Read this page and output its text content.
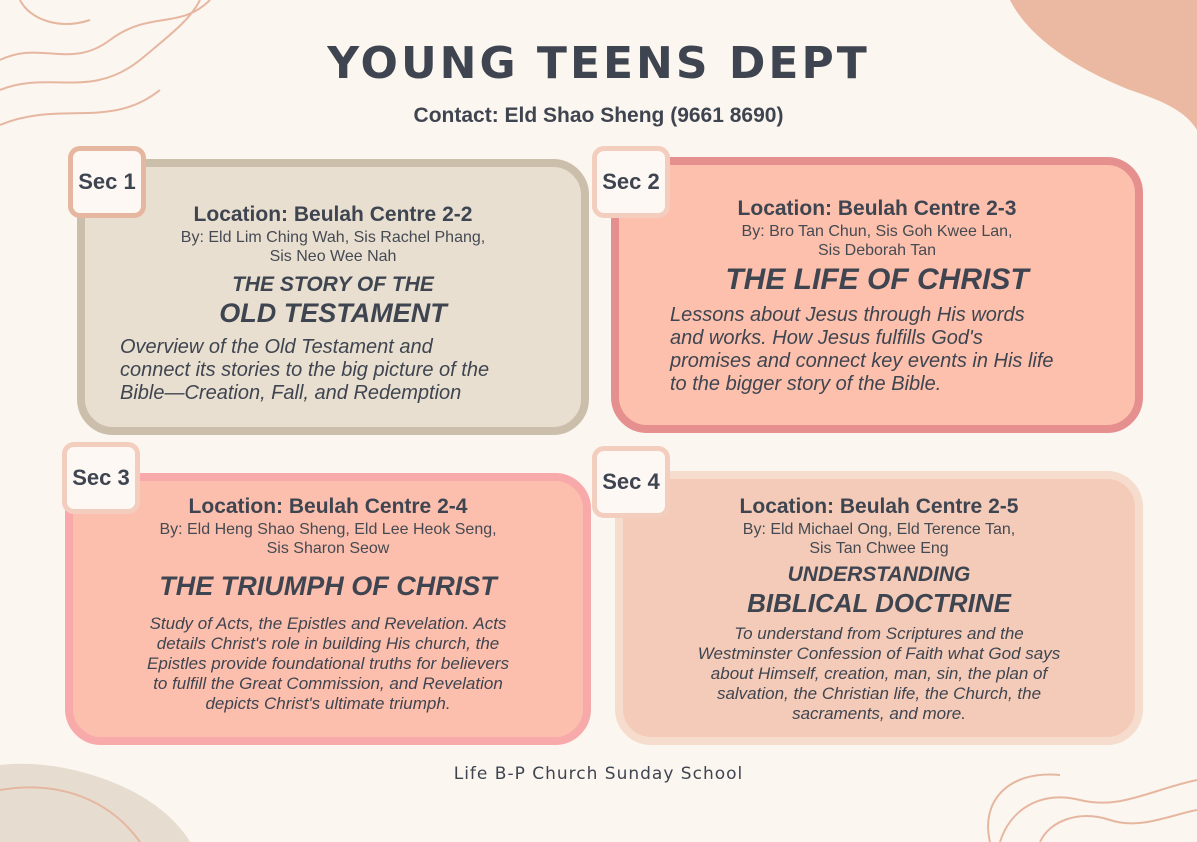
YOUNG TEENS DEPT
Contact: Eld Shao Sheng (9661 8690)
Location: Beulah Centre 2-2
By: Eld Lim Ching Wah, Sis Rachel Phang,
Sis Neo Wee Nah
THE STORY OF THE
OLD TESTAMENT
Overview of the Old Testament and
connect its stories to the big picture of the
Bible—Creation, Fall, and Redemption
Sec 1
Location: Beulah Centre 2-3
By: Bro Tan Chun, Sis Goh Kwee Lan,
Sis Deborah Tan
THE LIFE OF CHRIST
Lessons about Jesus through His words
and works. How Jesus fulfills God's
promises and connect key events in His life
to the bigger story of the Bible.
Sec 2
Location: Beulah Centre 2-4
By: Eld Heng Shao Sheng, Eld Lee Heok Seng,
Sis Sharon Seow
THE TRIUMPH OF CHRIST
Study of Acts, the Epistles and Revelation. Acts
details Christ's role in building His church, the
Epistles provide foundational truths for believers
to fulfill the Great Commission, and Revelation
depicts Christ's ultimate triumph.
Sec 3
Location: Beulah Centre 2-5
By: Eld Michael Ong, Eld Terence Tan,
Sis Tan Chwee Eng
UNDERSTANDING
BIBLICAL DOCTRINE
To understand from Scriptures and the
Westminster Confession of Faith what God says
about Himself, creation, man, sin, the plan of
salvation, the Christian life, the Church, the
sacraments, and more.
Sec 4
Life B-P Church Sunday School
